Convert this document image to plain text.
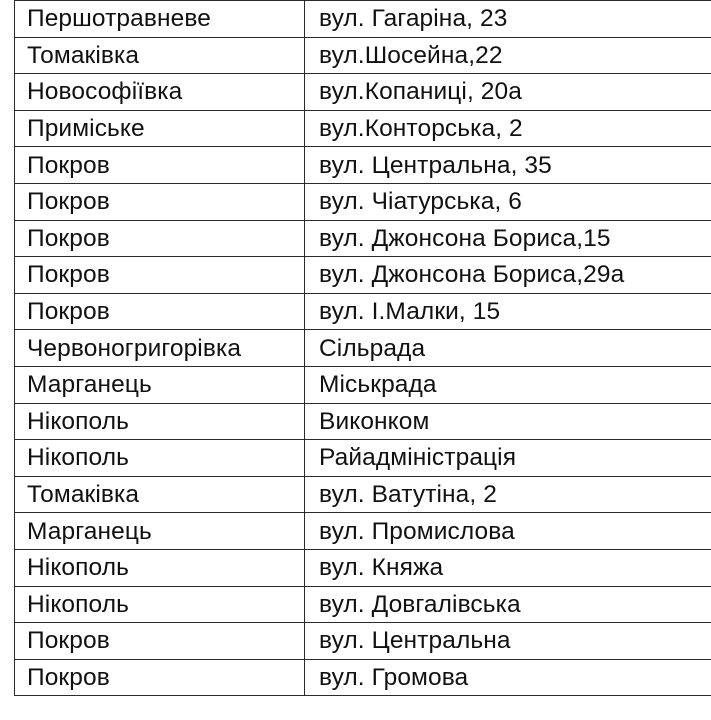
Першотравневе	вул. Гагаріна, 23
Томаківка	вул.Шосейна,22
Новософіївка	вул.Копаниці, 20а
Приміське	вул.Конторська, 2
Покров	вул. Центральна, 35
Покров	вул. Чіатурська, 6
Покров	вул. Джонсона Бориса,15
Покров	вул. Джонсона Бориса,29а
Покров	вул. І.Малки, 15
Червоногригорівка	Сільрада
Марганець	Міськрада
Нікополь	Виконком
Нікополь	Райадміністрація
Томаківка	вул. Ватутіна, 2
Марганець	вул. Промислова
Нікополь	вул. Княжа
Нікополь	вул. Довгалівська
Покров	вул. Центральна
Покров	вул. Громова
